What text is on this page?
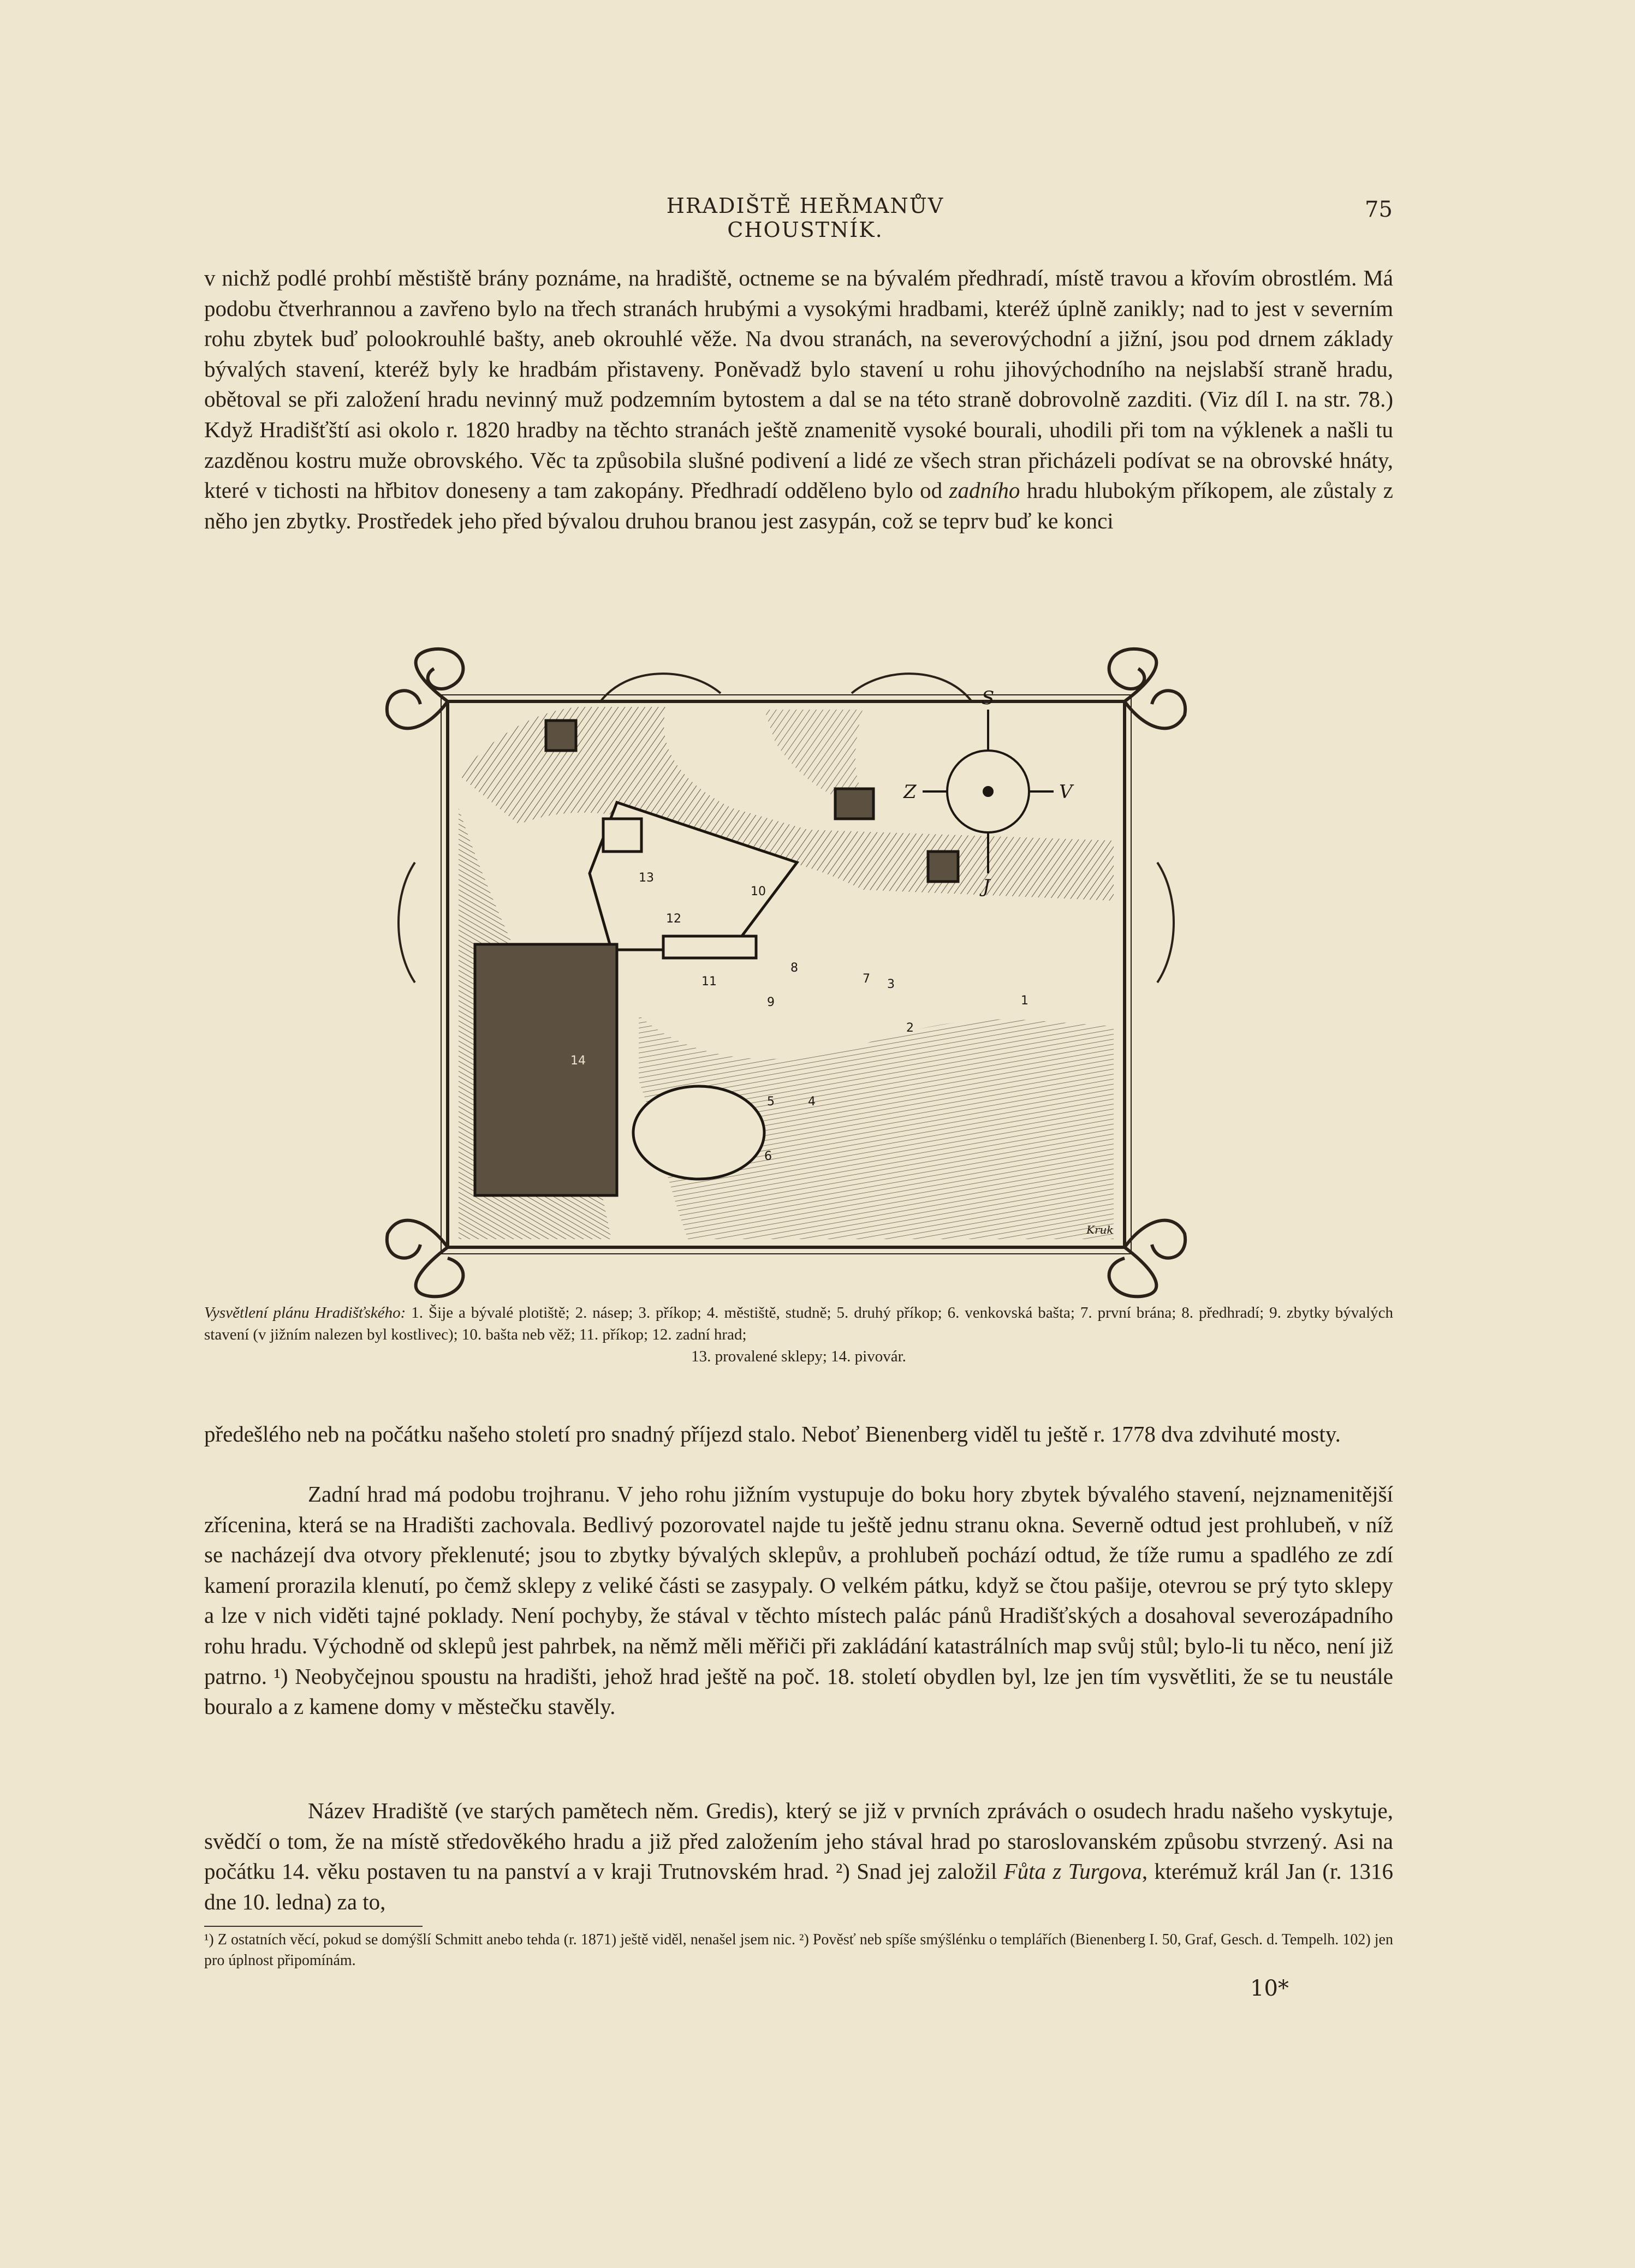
HRADIŠTĚ HEŘMANŮV CHOUSTNÍK.
75

v nichž podlé prohbí městiště brány poznáme, na hradiště, octneme se na bývalém předhradí, místě travou a křovím obrostlém. Má podobu čtverhrannou a zavřeno bylo na třech stranách hrubými a vysokými hradbami, kteréž úplně zanikly; nad to jest v severním rohu zbytek buď polookrouhlé bašty, aneb okrouhlé věže. Na dvou stranách, na severovýchodní a jižní, jsou pod drnem základy bývalých stavení, kteréž byly ke hradbám přistaveny. Poněvadž bylo stavení u rohu jihovýchodního na nejslabší straně hradu, obětoval se při založení hradu nevinný muž podzemním bytostem a dal se na této straně dobrovolně zazditi. (Viz díl I. na str. 78.) Když Hradišťští asi okolo r. 1820 hradby na těchto stranách ještě znamenitě vysoké bourali, uhodili při tom na výklenek a našli tu zazděnou kostru muže obrovského. Věc ta způsobila slušné podivení a lidé ze všech stran přicházeli podívat se na obrovské hnáty, které v tichosti na hřbitov doneseny a tam zakopány. Předhradí odděleno bylo od zadního hradu hlubokým příkopem, ale zůstaly z něho jen zbytky. Prostředek jeho před bývalou druhou branou jest zasypán, což se teprv buď ke konci

S
J
Z	V
1
2
3
4
5
6
7
8
9
10
11
12
13
14
Kruk
Vysvětlení plánu Hradišťského: 1. Šije a bývalé plotiště; 2. násep; 3. příkop; 4. městiště, studně; 5. druhý příkop; 6. venkovská bašta; 7. první brána; 8. předhradí; 9. zbytky bývalých stavení (v jižním nalezen byl kostlivec); 10. bašta neb věž; 11. příkop; 12. zadní hrad;
13. provalené sklepy; 14. pivovár.

předešlého neb na počátku našeho století pro snadný příjezd stalo. Neboť Bienenberg viděl tu ještě r. 1778 dva zdvihuté mosty.

Zadní hrad má podobu trojhranu. V jeho rohu jižním vystupuje do boku hory zbytek bývalého stavení, nejznamenitější zřícenina, která se na Hradišti zachovala. Bedlivý pozorovatel najde tu ještě jednu stranu okna. Severně odtud jest prohlubeň, v níž se nacházejí dva otvory překlenuté; jsou to zbytky bývalých sklepův, a prohlubeň pochází odtud, že tíže rumu a spadlého ze zdí kamení prorazila klenutí, po čemž sklepy z veliké části se zasypaly. O velkém pátku, když se čtou pašije, otevrou se prý tyto sklepy a lze v nich viděti tajné poklady. Není pochyby, že stával v těchto místech palác pánů Hradišťských a dosahoval severozápadního rohu hradu. Východně od sklepů jest pahrbek, na němž měli měřiči při zakládání katastrálních map svůj stůl; bylo-li tu něco, není již patrno. ¹) Neobyčejnou spoustu na hradišti, jehož hrad ještě na poč. 18. století obydlen byl, lze jen tím vysvětliti, že se tu neustále bouralo a z kamene domy v městečku stavěly.

Název Hradiště (ve starých pamětech něm. Gredis), který se již v prvních zprávách o osudech hradu našeho vyskytuje, svědčí o tom, že na místě středověkého hradu a již před založením jeho stával hrad po staroslovanském způsobu stvrzený. Asi na počátku 14. věku postaven tu na panství a v kraji Trutnovském hrad. ²) Snad jej založil Fůta z Turgova, kterémuž král Jan (r. 1316 dne 10. ledna) za to,

¹) Z ostatních věcí, pokud se domýšlí Schmitt anebo tehda (r. 1871) ještě viděl, nenašel jsem nic. ²) Pověsť neb spíše smýšlénku o templářích (Bienenberg I. 50, Graf, Gesch. d. Tempelh. 102) jen pro úplnost připomínám.
10*
